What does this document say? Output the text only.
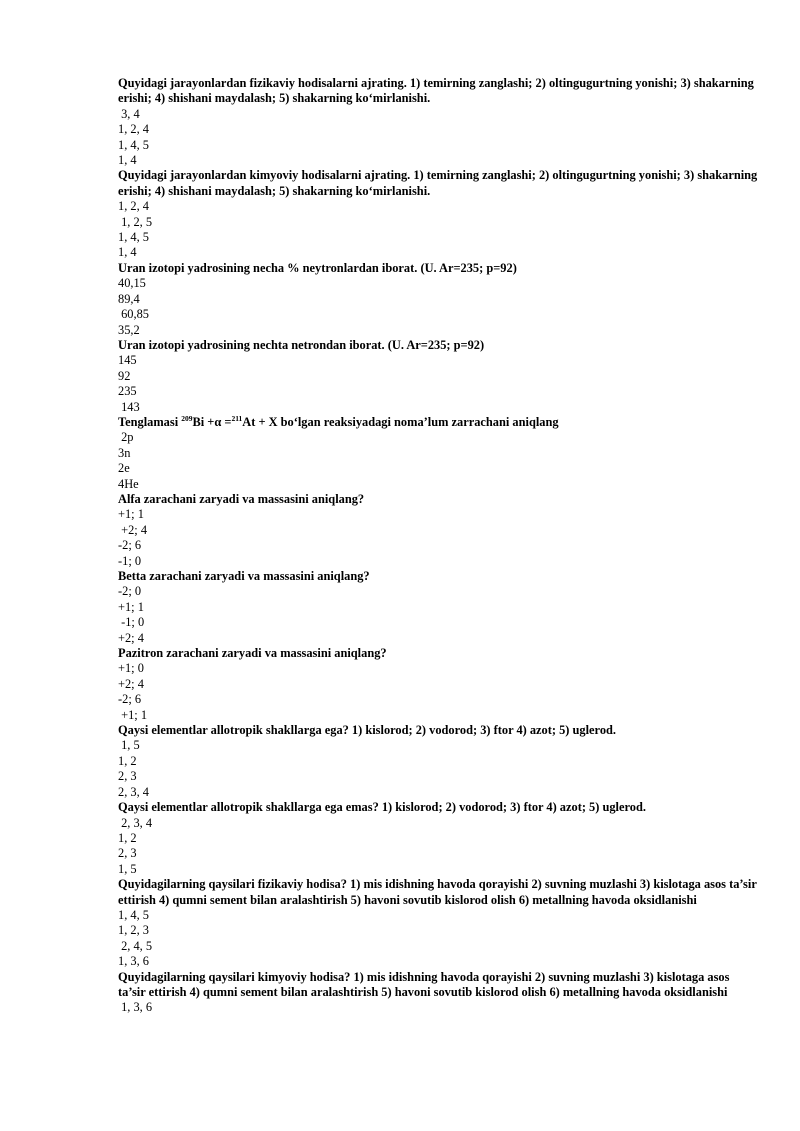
Quyidagi jarayonlardan fizikaviy hodisalarni ajrating. 1) temirning zanglashi; 2) oltingugurtning yonishi; 3) shakarning erishi; 4) shishani maydalash; 5) shakarning ko‘mirlanishi.
3, 4
1, 2, 4
1, 4, 5
1, 4
Quyidagi jarayonlardan kimyoviy hodisalarni ajrating. 1) temirning zanglashi; 2) oltingugurtning yonishi; 3) shakarning erishi; 4) shishani maydalash; 5) shakarning ko‘mirlanishi.
1, 2, 4
1, 2, 5
1, 4, 5
1, 4
Uran izotopi yadrosining necha % neytronlardan iborat. (U. Ar=235; p=92)
40,15
89,4
60,85
35,2
Uran izotopi yadrosining nechta netrondan iborat. (U. Ar=235; p=92)
145
92
235
143
Tenglamasi $^{209}$Bi +α =$^{211}$At + X bo‘lgan reaksiyadagi noma’lum zarrachani aniqlang
2p
3n
2e
4He
Alfa zarachani zaryadi va massasini aniqlang?
+1; 1
+2; 4
-2; 6
-1; 0
Betta zarachani zaryadi va massasini aniqlang?
-2; 0
+1; 1
-1; 0
+2; 4
Pazitron zarachani zaryadi va massasini aniqlang?
+1; 0
+2; 4
-2; 6
+1; 1
Qaysi elementlar allotropik shakllarga ega? 1) kislorod; 2) vodorod; 3) ftor 4) azot; 5) uglerod.
1, 5
1, 2
2, 3
2, 3, 4
Qaysi elementlar allotropik shakllarga ega emas? 1) kislorod; 2) vodorod; 3) ftor 4) azot; 5) uglerod.
2, 3, 4
1, 2
2, 3
1, 5
Quyidagilarning qaysilari fizikaviy hodisa? 1) mis idishning havoda qorayishi 2) suvning muzlashi 3) kislotaga asos ta’sir ettirish 4) qumni sement bilan aralashtirish 5) havoni sovutib kislorod olish 6) metallning havoda oksidlanishi
1, 4, 5
1, 2, 3
2, 4, 5
1, 3, 6
Quyidagilarning qaysilari kimyoviy hodisa? 1) mis idishning havoda qorayishi 2) suvning muzlashi 3) kislotaga asos ta’sir ettirish 4) qumni sement bilan aralashtirish 5) havoni sovutib kislorod olish 6) metallning havoda oksidlanishi
1, 3, 6
